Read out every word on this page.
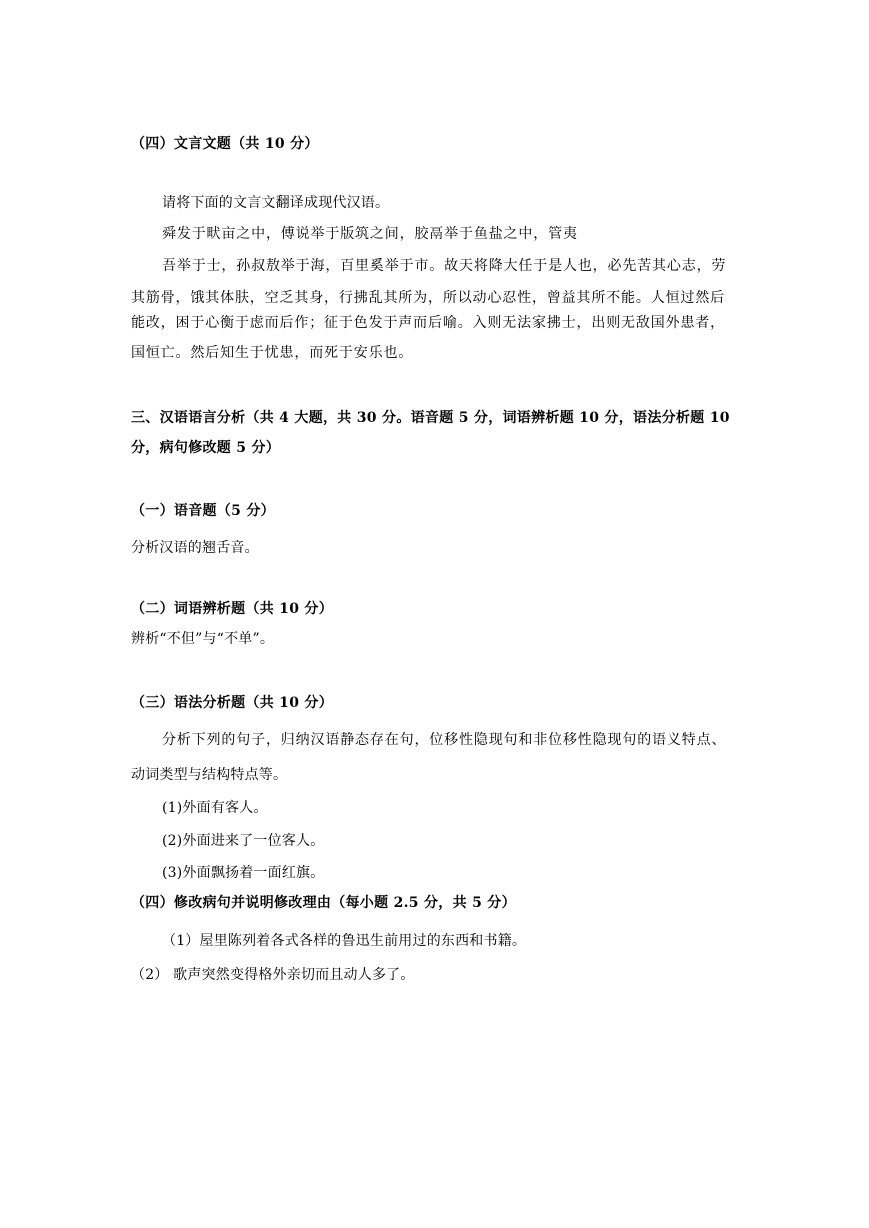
（四）文言文题（共 10 分）
请将下面的文言文翻译成现代汉语。
舜发于畎亩之中，傅说举于版筑之间，胶鬲举于鱼盐之中，管夷
吾举于士，孙叔敖举于海，百里奚举于市。故天将降大任于是人也，必先苦其心志，劳
其筋骨，饿其体肤，空乏其身，行拂乱其所为，所以动心忍性，曾益其所不能。人恒过然后
能改，困于心衡于虑而后作；征于色发于声而后喻。入则无法家拂士，出则无敌国外患者，
国恒亡。然后知生于忧患，而死于安乐也。
三、汉语语言分析（共 4 大题，共 30 分。语音题 5 分，词语辨析题 10 分，语法分析题 10
分，病句修改题 5 分）
（一）语音题（5 分）
分析汉语的翘舌音。
（二）词语辨析题（共 10 分）
辨析“不但”与“不单”。
（三）语法分析题（共 10 分）
分析下列的句子，归纳汉语静态存在句，位移性隐现句和非位移性隐现句的语义特点、
动词类型与结构特点等。
(1)外面有客人。
(2)外面进来了一位客人。
(3)外面飘扬着一面红旗。
（四）修改病句并说明修改理由（每小题 2.5 分，共 5 分）
（1）屋里陈列着各式各样的鲁迅生前用过的东西和书籍。
（2） 歌声突然变得格外亲切而且动人多了。
